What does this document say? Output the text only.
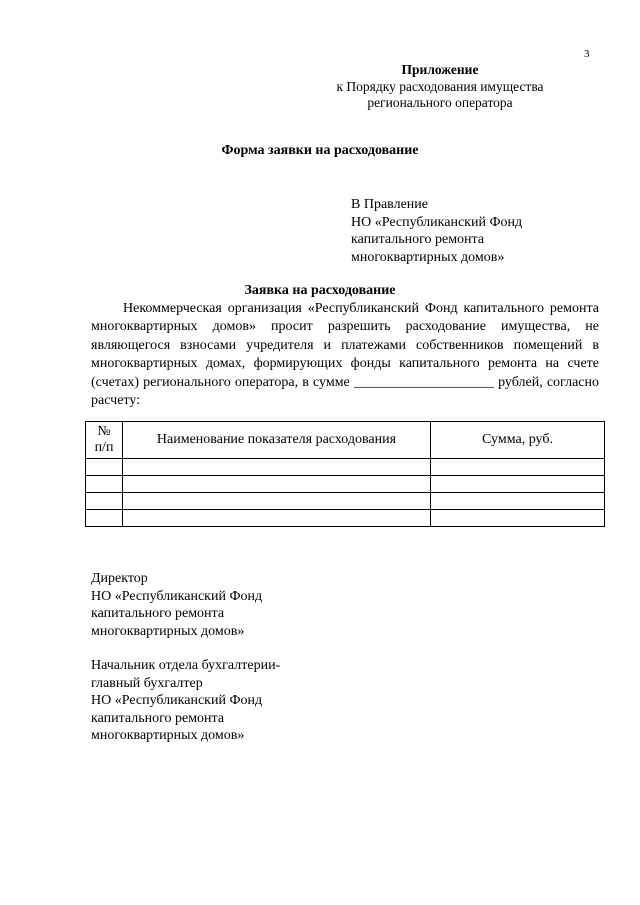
3
Приложение
к Порядку расходования имущества
регионального оператора
Форма заявки на расходование
В Правление
НО «Республиканский Фонд
капитального ремонта
многоквартирных домов»
Заявка на расходование
Некоммерческая организация «Республиканский Фонд капитального ремонта многоквартирных домов» просит разрешить расходование имущества, не являющегося взносами учредителя и платежами собственников помещений в многоквартирных домах, формирующих фонды капитального ремонта на счете (счетах) регионального оператора, в сумме ____________________ рублей, согласно расчету:
№
п/п	Наименование показателя расходования	Сумма, руб.

Директор
НО «Республиканский Фонд
капитального ремонта
многоквартирных домов»
Начальник отдела бухгалтерии-
главный бухгалтер
НО «Республиканский Фонд
капитального ремонта
многоквартирных домов»
